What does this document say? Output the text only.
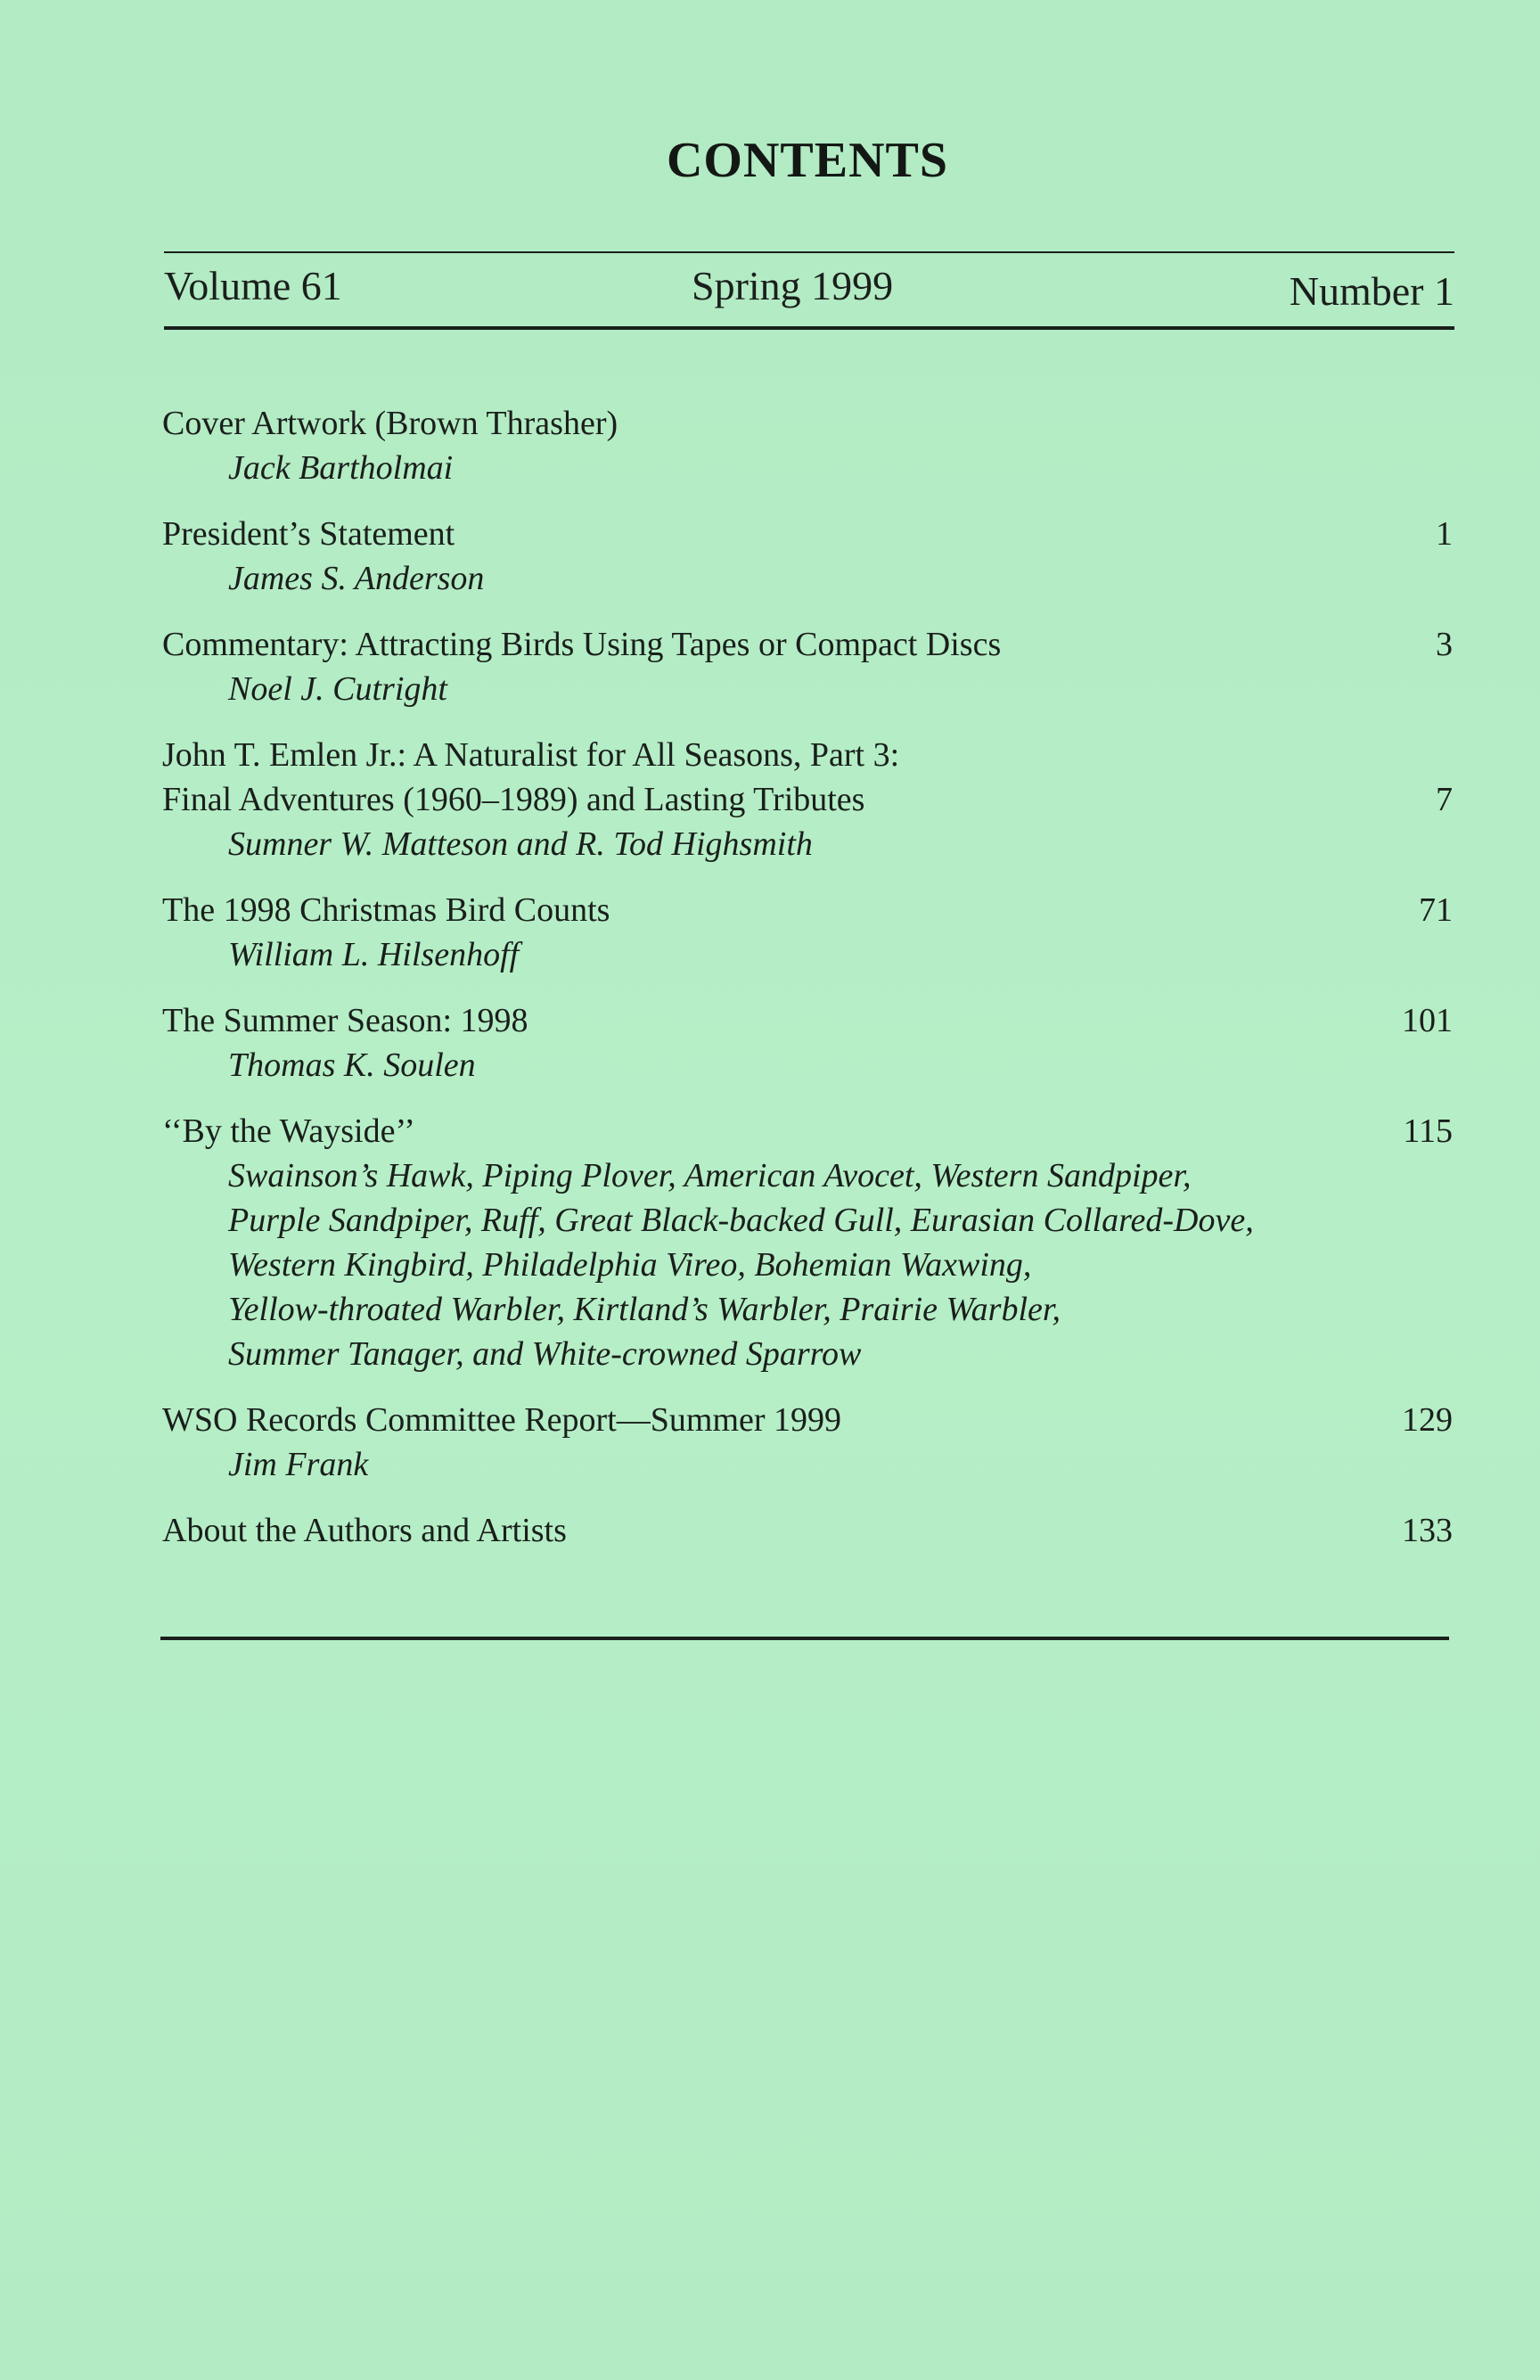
CONTENTS
Volume 61	Spring 1999	Number 1
Cover Artwork (Brown Thrasher)
Jack Bartholmai
1
President’s Statement
James S. Anderson
3
Commentary: Attracting Birds Using Tapes or Compact Discs
Noel J. Cutright
7
John T. Emlen Jr.: A Naturalist for All Seasons, Part 3:
Final Adventures (1960–1989) and Lasting Tributes
Sumner W. Matteson and R. Tod Highsmith
71
The 1998 Christmas Bird Counts
William L. Hilsenhoff
101
The Summer Season: 1998
Thomas K. Soulen
115
‘‘By the Wayside’’
Swainson’s Hawk, Piping Plover, American Avocet, Western Sandpiper,
Purple Sandpiper, Ruff, Great Black-backed Gull, Eurasian Collared-Dove,
Western Kingbird, Philadelphia Vireo, Bohemian Waxwing,
Yellow-throated Warbler, Kirtland’s Warbler, Prairie Warbler,
Summer Tanager, and White-crowned Sparrow
129
WSO Records Committee Report—Summer 1999
Jim Frank
133
About the Authors and Artists
